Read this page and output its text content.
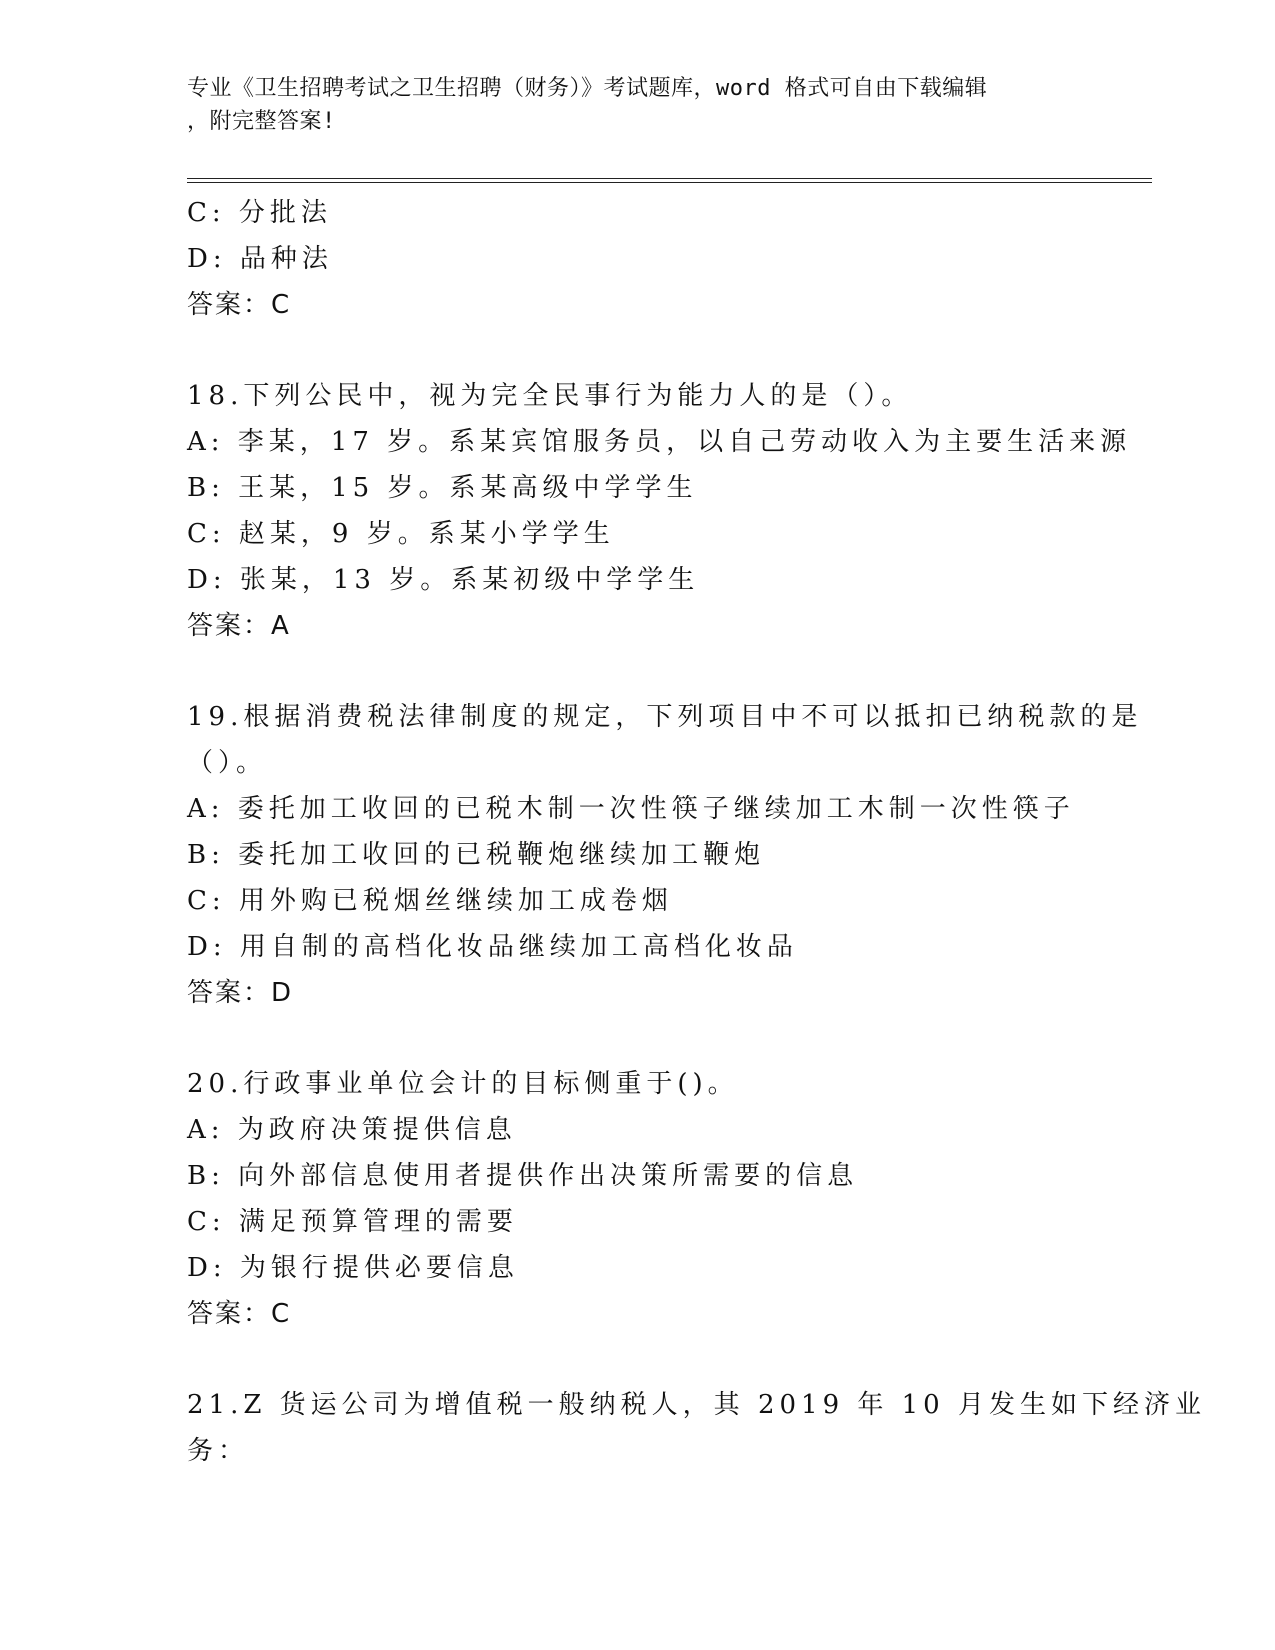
专业《卫生招聘考试之卫生招聘（财务）》考试题库，word 格式可自由下载编辑
，附完整答案!
C: 分批法
D: 品种法
答案：C
18.下列公民中，视为完全民事行为能力人的是（）。
A: 李某，17 岁。系某宾馆服务员，以自己劳动收入为主要生活来源
B: 王某，15 岁。系某高级中学学生
C: 赵某，9 岁。系某小学学生
D: 张某，13 岁。系某初级中学学生
答案：A
19.根据消费税法律制度的规定，下列项目中不可以抵扣已纳税款的是
（）。
A: 委托加工收回的已税木制一次性筷子继续加工木制一次性筷子
B: 委托加工收回的已税鞭炮继续加工鞭炮
C: 用外购已税烟丝继续加工成卷烟
D: 用自制的高档化妆品继续加工高档化妆品
答案：D
20.行政事业单位会计的目标侧重于()。
A: 为政府决策提供信息
B: 向外部信息使用者提供作出决策所需要的信息
C: 满足预算管理的需要
D: 为银行提供必要信息
答案：C
21.Z 货运公司为增值税一般纳税人，其 2019 年 10 月发生如下经济业
务：
